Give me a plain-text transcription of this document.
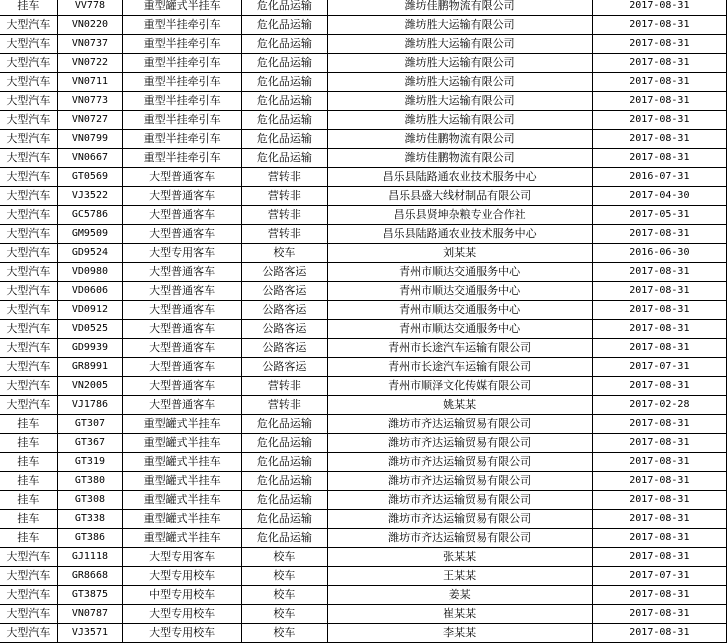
挂车	VV778	重型罐式半挂车	危化品运输	潍坊佳鹏物流有限公司	2017-08-31
大型汽车	VN0220	重型半挂牵引车	危化品运输	潍坊胜大运输有限公司	2017-08-31
大型汽车	VN0737	重型半挂牵引车	危化品运输	潍坊胜大运输有限公司	2017-08-31
大型汽车	VN0722	重型半挂牵引车	危化品运输	潍坊胜大运输有限公司	2017-08-31
大型汽车	VN0711	重型半挂牵引车	危化品运输	潍坊胜大运输有限公司	2017-08-31
大型汽车	VN0773	重型半挂牵引车	危化品运输	潍坊胜大运输有限公司	2017-08-31
大型汽车	VN0727	重型半挂牵引车	危化品运输	潍坊胜大运输有限公司	2017-08-31
大型汽车	VN0799	重型半挂牵引车	危化品运输	潍坊佳鹏物流有限公司	2017-08-31
大型汽车	VN0667	重型半挂牵引车	危化品运输	潍坊佳鹏物流有限公司	2017-08-31
大型汽车	GT0569	大型普通客车	营转非	昌乐县陆路通农业技术服务中心	2016-07-31
大型汽车	VJ3522	大型普通客车	营转非	昌乐县盛大线材制品有限公司	2017-04-30
大型汽车	GC5786	大型普通客车	营转非	昌乐县贤坤杂粮专业合作社	2017-05-31
大型汽车	GM9509	大型普通客车	营转非	昌乐县陆路通农业技术服务中心	2017-08-31
大型汽车	GD9524	大型专用客车	校车	刘某某	2016-06-30
大型汽车	VD0980	大型普通客车	公路客运	青州市顺达交通服务中心	2017-08-31
大型汽车	VD0606	大型普通客车	公路客运	青州市顺达交通服务中心	2017-08-31
大型汽车	VD0912	大型普通客车	公路客运	青州市顺达交通服务中心	2017-08-31
大型汽车	VD0525	大型普通客车	公路客运	青州市顺达交通服务中心	2017-08-31
大型汽车	GD9939	大型普通客车	公路客运	青州市长途汽车运输有限公司	2017-08-31
大型汽车	GR8991	大型普通客车	公路客运	青州市长途汽车运输有限公司	2017-07-31
大型汽车	VN2005	大型普通客车	营转非	青州市顺泽文化传媒有限公司	2017-08-31
大型汽车	VJ1786	大型普通客车	营转非	姚某某	2017-02-28
挂车	GT307	重型罐式半挂车	危化品运输	潍坊市齐达运输贸易有限公司	2017-08-31
挂车	GT367	重型罐式半挂车	危化品运输	潍坊市齐达运输贸易有限公司	2017-08-31
挂车	GT319	重型罐式半挂车	危化品运输	潍坊市齐达运输贸易有限公司	2017-08-31
挂车	GT380	重型罐式半挂车	危化品运输	潍坊市齐达运输贸易有限公司	2017-08-31
挂车	GT308	重型罐式半挂车	危化品运输	潍坊市齐达运输贸易有限公司	2017-08-31
挂车	GT338	重型罐式半挂车	危化品运输	潍坊市齐达运输贸易有限公司	2017-08-31
挂车	GT386	重型罐式半挂车	危化品运输	潍坊市齐达运输贸易有限公司	2017-08-31
大型汽车	GJ1118	大型专用客车	校车	张某某	2017-08-31
大型汽车	GR8668	大型专用校车	校车	王某某	2017-07-31
大型汽车	GT3875	中型专用校车	校车	姜某	2017-08-31
大型汽车	VN0787	大型专用校车	校车	崔某某	2017-08-31
大型汽车	VJ3571	大型专用校车	校车	李某某	2017-08-31
